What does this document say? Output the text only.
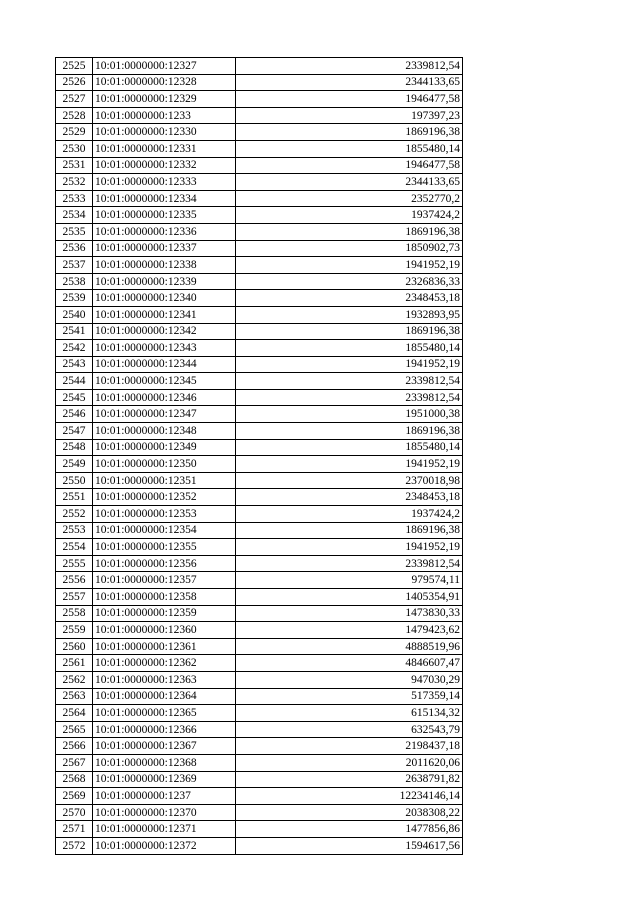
2525	10:01:0000000:12327	2339812,54
2526	10:01:0000000:12328	2344133,65
2527	10:01:0000000:12329	1946477,58
2528	10:01:0000000:1233	197397,23
2529	10:01:0000000:12330	1869196,38
2530	10:01:0000000:12331	1855480,14
2531	10:01:0000000:12332	1946477,58
2532	10:01:0000000:12333	2344133,65
2533	10:01:0000000:12334	2352770,2
2534	10:01:0000000:12335	1937424,2
2535	10:01:0000000:12336	1869196,38
2536	10:01:0000000:12337	1850902,73
2537	10:01:0000000:12338	1941952,19
2538	10:01:0000000:12339	2326836,33
2539	10:01:0000000:12340	2348453,18
2540	10:01:0000000:12341	1932893,95
2541	10:01:0000000:12342	1869196,38
2542	10:01:0000000:12343	1855480,14
2543	10:01:0000000:12344	1941952,19
2544	10:01:0000000:12345	2339812,54
2545	10:01:0000000:12346	2339812,54
2546	10:01:0000000:12347	1951000,38
2547	10:01:0000000:12348	1869196,38
2548	10:01:0000000:12349	1855480,14
2549	10:01:0000000:12350	1941952,19
2550	10:01:0000000:12351	2370018,98
2551	10:01:0000000:12352	2348453,18
2552	10:01:0000000:12353	1937424,2
2553	10:01:0000000:12354	1869196,38
2554	10:01:0000000:12355	1941952,19
2555	10:01:0000000:12356	2339812,54
2556	10:01:0000000:12357	979574,11
2557	10:01:0000000:12358	1405354,91
2558	10:01:0000000:12359	1473830,33
2559	10:01:0000000:12360	1479423,62
2560	10:01:0000000:12361	4888519,96
2561	10:01:0000000:12362	4846607,47
2562	10:01:0000000:12363	947030,29
2563	10:01:0000000:12364	517359,14
2564	10:01:0000000:12365	615134,32
2565	10:01:0000000:12366	632543,79
2566	10:01:0000000:12367	2198437,18
2567	10:01:0000000:12368	2011620,06
2568	10:01:0000000:12369	2638791,82
2569	10:01:0000000:1237	12234146,14
2570	10:01:0000000:12370	2038308,22
2571	10:01:0000000:12371	1477856,86
2572	10:01:0000000:12372	1594617,56
